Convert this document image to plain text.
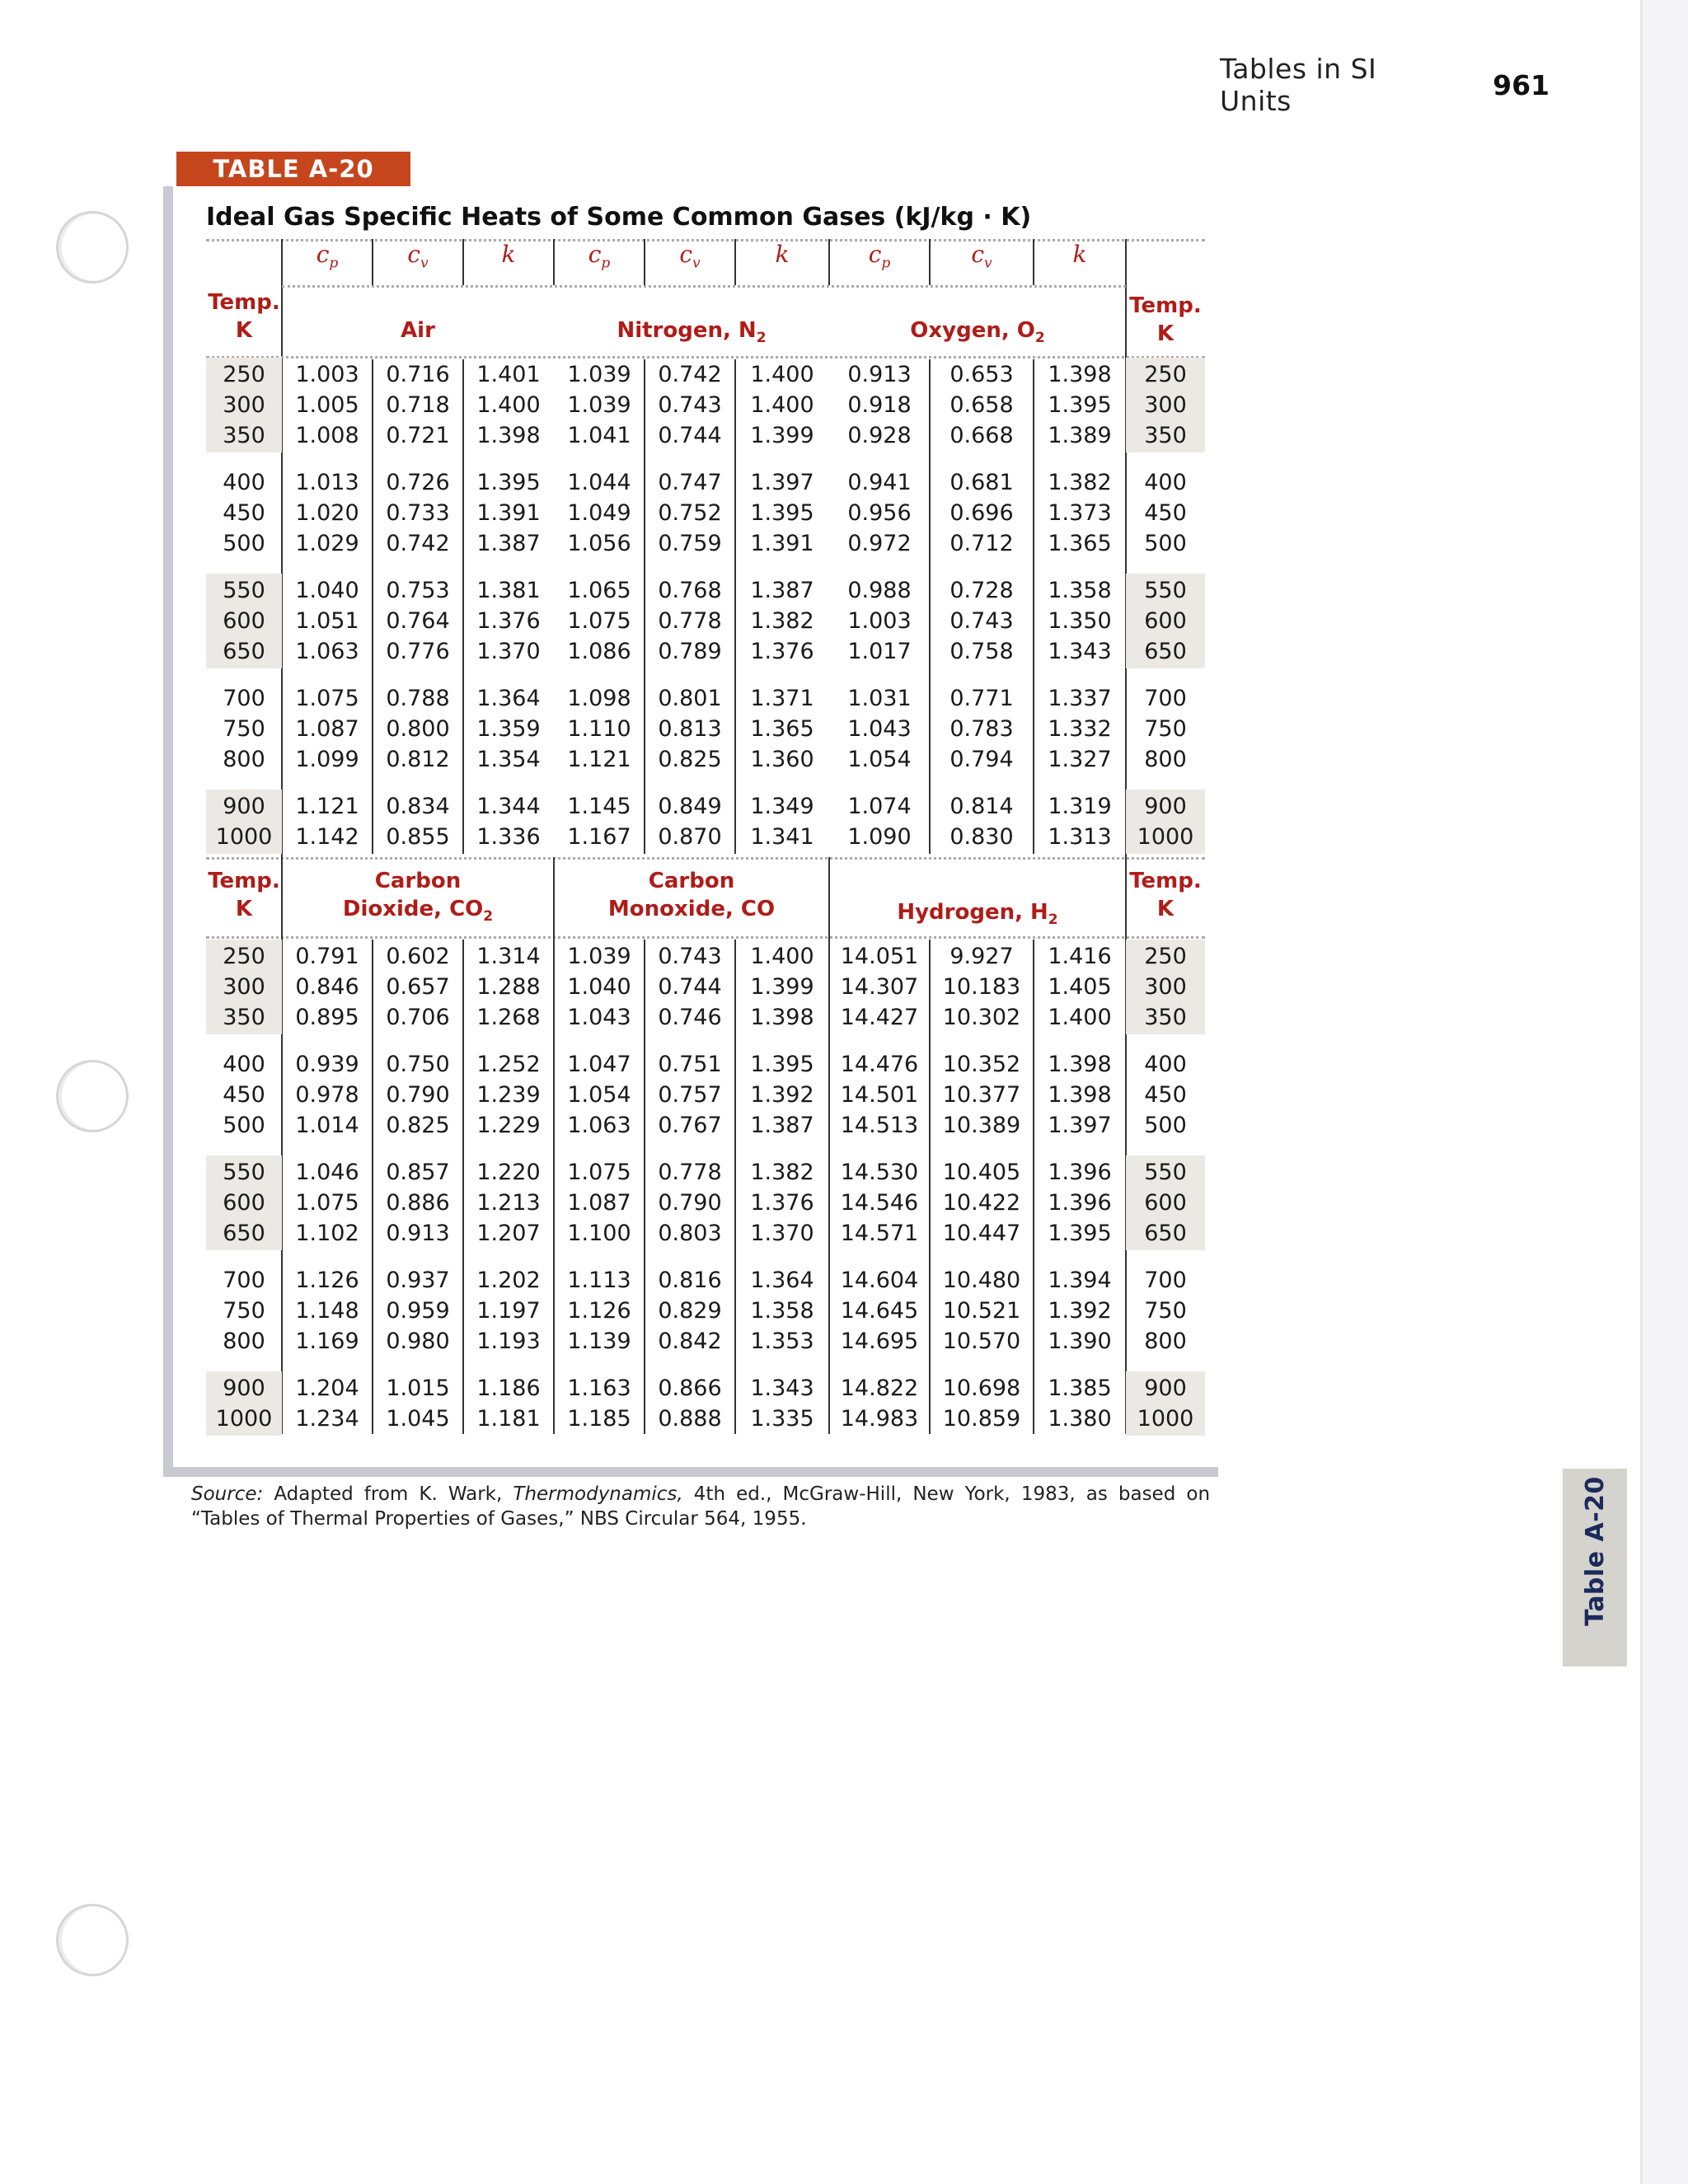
Tables in SI Units	961
TABLE A-20
Ideal Gas Specific Heats of Some Common Gases (kJ/kg · K)
$c_p$	$c_v$	k	$c_p$	$c_v$	k	$c_p$	$c_v$	k
Air	Nitrogen, $N_2$	Oxygen, $O_2$
Temp.
K
Temp.
K
250	1.003	0.716	1.401	1.039	0.742	1.400	0.913	0.653	1.398	250
300	1.005	0.718	1.400	1.039	0.743	1.400	0.918	0.658	1.395	300
350	1.008	0.721	1.398	1.041	0.744	1.399	0.928	0.668	1.389	350
400	1.013	0.726	1.395	1.044	0.747	1.397	0.941	0.681	1.382	400
450	1.020	0.733	1.391	1.049	0.752	1.395	0.956	0.696	1.373	450
500	1.029	0.742	1.387	1.056	0.759	1.391	0.972	0.712	1.365	500
550	1.040	0.753	1.381	1.065	0.768	1.387	0.988	0.728	1.358	550
600	1.051	0.764	1.376	1.075	0.778	1.382	1.003	0.743	1.350	600
650	1.063	0.776	1.370	1.086	0.789	1.376	1.017	0.758	1.343	650
700	1.075	0.788	1.364	1.098	0.801	1.371	1.031	0.771	1.337	700
750	1.087	0.800	1.359	1.110	0.813	1.365	1.043	0.783	1.332	750
800	1.099	0.812	1.354	1.121	0.825	1.360	1.054	0.794	1.327	800
900	1.121	0.834	1.344	1.145	0.849	1.349	1.074	0.814	1.319	900
1000	1.142	0.855	1.336	1.167	0.870	1.341	1.090	0.830	1.313	1000
Temp.
K
Temp.
K
Carbon
Dioxide, $CO_2$
Carbon
Monoxide, CO	Hydrogen, $H_2$
250	0.791	0.602	1.314	1.039	0.743	1.400	14.051	9.927	1.416	250
300	0.846	0.657	1.288	1.040	0.744	1.399	14.307	10.183	1.405	300
350	0.895	0.706	1.268	1.043	0.746	1.398	14.427	10.302	1.400	350
400	0.939	0.750	1.252	1.047	0.751	1.395	14.476	10.352	1.398	400
450	0.978	0.790	1.239	1.054	0.757	1.392	14.501	10.377	1.398	450
500	1.014	0.825	1.229	1.063	0.767	1.387	14.513	10.389	1.397	500
550	1.046	0.857	1.220	1.075	0.778	1.382	14.530	10.405	1.396	550
600	1.075	0.886	1.213	1.087	0.790	1.376	14.546	10.422	1.396	600
650	1.102	0.913	1.207	1.100	0.803	1.370	14.571	10.447	1.395	650
700	1.126	0.937	1.202	1.113	0.816	1.364	14.604	10.480	1.394	700
750	1.148	0.959	1.197	1.126	0.829	1.358	14.645	10.521	1.392	750
800	1.169	0.980	1.193	1.139	0.842	1.353	14.695	10.570	1.390	800
900	1.204	1.015	1.186	1.163	0.866	1.343	14.822	10.698	1.385	900
1000	1.234	1.045	1.181	1.185	0.888	1.335	14.983	10.859	1.380	1000
Source: Adapted from K. Wark, Thermodynamics, 4th ed., McGraw-Hill, New York, 1983, as based on “Tables of Thermal Properties of Gases,” NBS Circular 564, 1955.	Table A-20
